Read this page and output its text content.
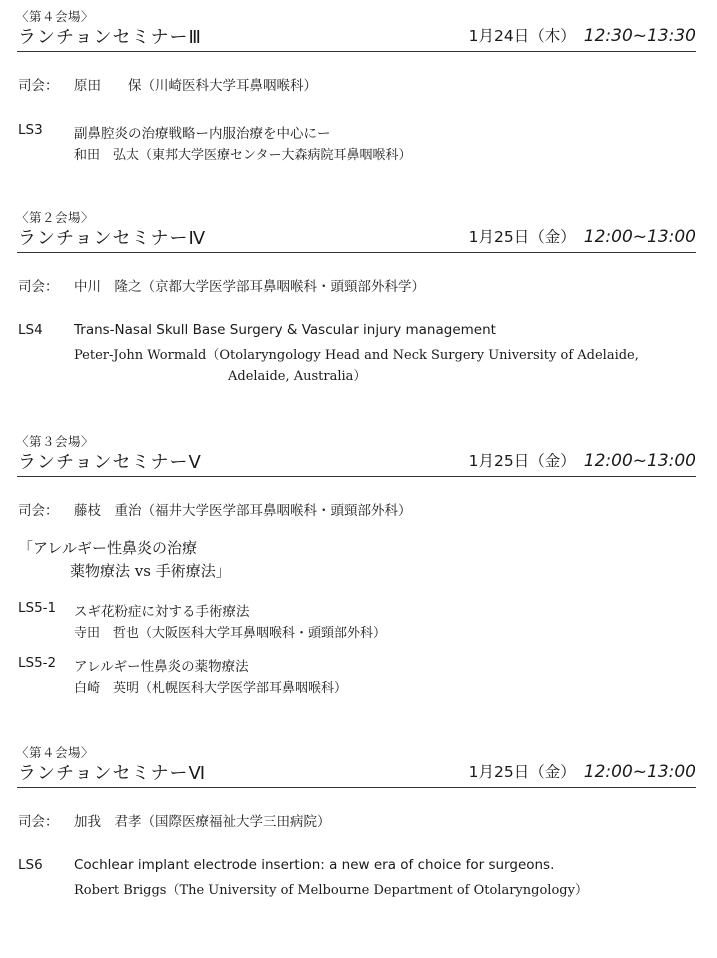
〈第４会場〉
ランチョンセミナーⅢ	1月24日（木） 12:30~13:30
司会： 原田　　保（川崎医科大学耳鼻咽喉科）
LS3 副鼻腔炎の治療戦略ー内服治療を中心にー
和田　弘太（東邦大学医療センター大森病院耳鼻咽喉科）
〈第２会場〉
ランチョンセミナーⅣ	1月25日（金） 12:00~13:00
司会： 中川　隆之（京都大学医学部耳鼻咽喉科・頭頸部外科学）
LS4 Trans-Nasal Skull Base Surgery & Vascular injury management
Peter-John Wormald（Otolaryngology Head and Neck Surgery University of Adelaide,
Adelaide, Australia）
〈第３会場〉
ランチョンセミナーⅤ	1月25日（金） 12:00~13:00
司会： 藤枝　重治（福井大学医学部耳鼻咽喉科・頭頸部外科）
「アレルギー性鼻炎の治療
薬物療法 vs 手術療法」
LS5-1 スギ花粉症に対する手術療法
寺田　哲也（大阪医科大学耳鼻咽喉科・頭頸部外科）
LS5-2 アレルギー性鼻炎の薬物療法
白崎　英明（札幌医科大学医学部耳鼻咽喉科）
〈第４会場〉
ランチョンセミナーⅥ	1月25日（金） 12:00~13:00
司会： 加我　君孝（国際医療福祉大学三田病院）
LS6 Cochlear implant electrode insertion: a new era of choice for surgeons.
Robert Briggs（The University of Melbourne Department of Otolaryngology）
